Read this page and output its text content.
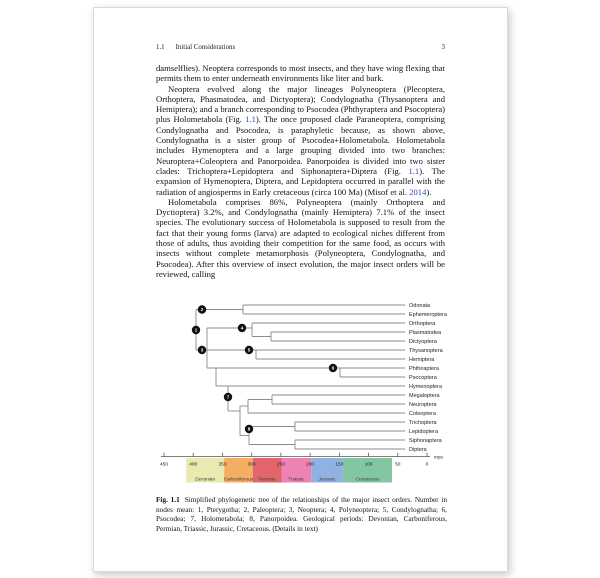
1.1 Initial Considerations	3

damselflies). Neoptera corresponds to most insects, and they have wing flexing that permits them to enter underneath environments like liter and bark.

Neoptera evolved along the major lineages Polyneoptera (Plecoptera, Orthoptera, Phasmatodea, and Dictyoptera); Condylognatha (Thysanoptera and Hemiptera); and a branch corresponding to Psocodea (Phthyraptera and Psocoptera) plus Holometabola (Fig. 1.1). The once proposed clade Paraneoptera, comprising Condylognatha and Psocodea, is paraphyletic because, as shown above, Condylognatha is a sister group of Psocodea+Holometabola. Holometabola includes Hymenoptera and a large grouping divided into two branches: Neuroptera+Coleoptera and Panorpoidea. Panorpoidea is divided into two sister clades: Trichoptera+Lepidoptera and Siphonaptera+Diptera (Fig. 1.1). The expansion of Hymenoptera, Diptera, and Lepidoptera occurred in parallel with the radiation of angiosperms in Early cretaceous (circa 100 Ma) (Misof et al. 2014).

Holometabola comprises 86%, Polyneoptera (mainly Orthoptera and Dyctioptera) 3.2%, and Condylognatha (mainly Hemiptera) 7.1% of the insect species. The evolutionary success of Holometabola is supposed to result from the fact that their young forms (larva) are adapted to ecological niches different from those of adults, thus avoiding their competition for the same food, as occurs with insects without complete metamorphosis (Polyneoptera, Condylognatha, and Psocodea). After this overview of insect evolution, the major insect orders will be reviewed, calling

1
2
3
4
5
6
7
8
Odonata
Ephemeroptera
Orthoptera
Plasmatodea
Dictyoptera
Thysanoptera
Hemiptera
Phthiraptera
Psocoptera
Hymenoptera
Megaloptera
Neuroptera
Coleoptera
Trichoptera
Lepidoptera
Siphonaptera
Diptera
Devonian Carboniferous Permian	Triassic	Jurassic	Cretaceous
450	400	350	300	250	200	150	100	50	0
mya
Fig. 1.1 Simplified phylogenetic tree of the relationships of the major insect orders. Number in nodes mean: 1, Pterygotha; 2, Paleoptera; 3, Neoptera; 4, Polyneoptera; 5, Condylognatha; 6, Psocodea; 7, Holometabola; 8, Panorpoidea. Geological periods: Devonian, Carboniferous, Permian, Triassic, Jurassic, Cretaceous. (Details in text)
